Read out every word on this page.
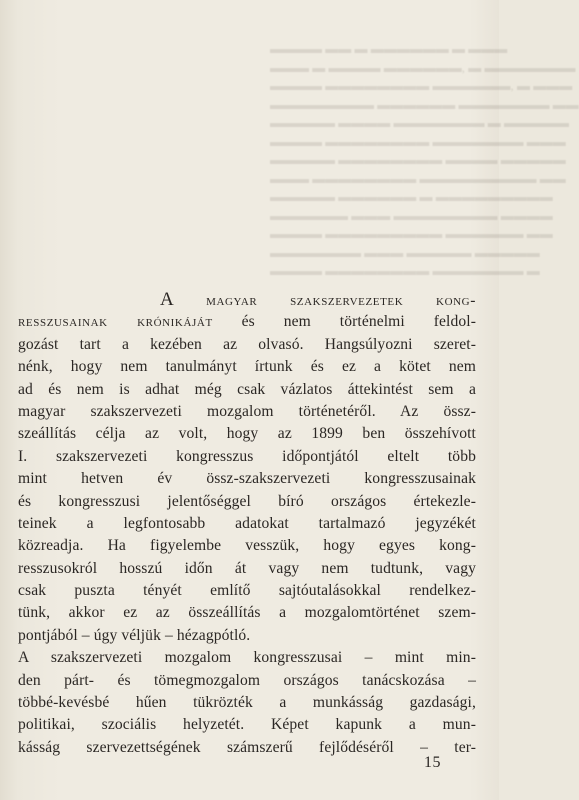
▬▬▬▬ ▬▬ ▬ ▬▬▬▬▬▬ ▬ ▬▬▬
▬▬▬ ▬ ▬▬▬▬ ▬▬▬▬▬▬, ▬ ▬▬▬▬▬▬▬
▬▬▬▬ ▬▬▬▬▬▬▬▬ ▬▬▬▬▬▬, ▬ ▬▬▬
▬▬▬▬▬▬▬▬ ▬▬▬▬▬▬ ▬▬▬▬▬▬▬ ▬▬
▬▬▬▬▬ ▬▬▬▬ ▬▬▬▬▬▬▬ ▬ ▬▬▬▬▬
▬▬▬▬ ▬▬▬▬▬▬▬▬ ▬▬▬▬▬▬▬ ▬▬▬
▬▬▬▬▬ ▬▬▬▬▬▬▬▬ ▬▬▬▬ ▬▬▬▬▬
▬▬▬ ▬▬▬▬▬▬▬▬ ▬▬▬▬▬▬▬▬▬ ▬▬
▬▬▬▬▬ ▬▬▬▬▬▬ ▬ ▬▬▬▬▬▬▬▬▬
▬▬▬▬▬▬ ▬▬▬ ▬▬▬▬▬▬▬▬ ▬▬▬▬
▬▬▬▬ ▬▬▬▬▬▬▬▬▬ ▬▬▬▬▬▬ ▬▬
▬▬▬▬▬▬▬ ▬▬▬ ▬▬▬▬▬ ▬▬▬▬▬
▬▬▬▬ ▬▬▬▬▬▬▬▬ ▬▬▬▬▬▬▬ ▬
A magyar szakszervezetek kong-
resszusainak krónikáját és nem történelmi feldol-
gozást tart a kezében az olvasó. Hangsúlyozni szeret-
nénk, hogy nem tanulmányt írtunk és ez a kötet nem
ad és nem is adhat még csak vázlatos áttekintést sem a
magyar szakszervezeti mozgalom történetéről. Az össz-
szeállítás célja az volt, hogy az 1899 ben összehívott
I. szakszervezeti kongresszus időpontjától eltelt több
mint hetven év össz-szakszervezeti kongresszusainak
és kongresszusi jelentőséggel bíró országos értekezle-
teinek a legfontosabb adatokat tartalmazó jegyzékét
közreadja. Ha figyelembe vesszük, hogy egyes kong-
resszusokról hosszú időn át vagy nem tudtunk, vagy
csak puszta tényét említő sajtóutalásokkal rendelkez-
tünk, akkor ez az összeállítás a mozgalomtörténet szem-
pontjából – úgy véljük – hézagpótló.
A szakszervezeti mozgalom kongresszusai – mint min-
den párt- és tömegmozgalom országos tanácskozása –
többé-kevésbé hűen tükrözték a munkásság gazdasági,
politikai, szociális helyzetét. Képet kapunk a mun-
kásság szervezettségének számszerű fejlődéséről – ter-
15
